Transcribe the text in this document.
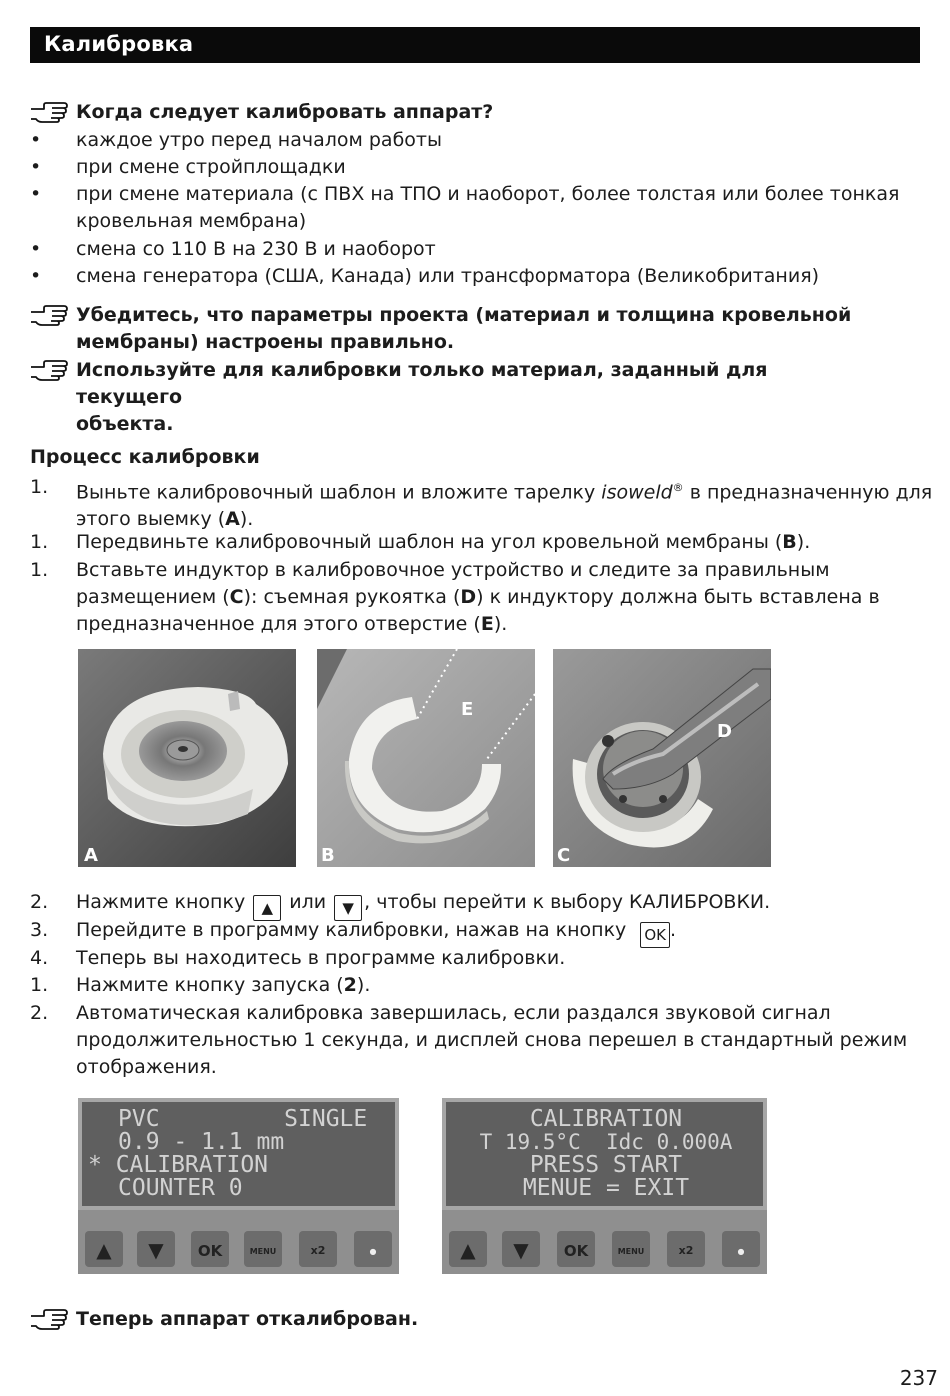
Калибровка
Когда следует калибровать аппарат?
• каждое утро перед началом работы
• при смене стройплощадки
• при смене материала (с ПВХ на ТПО и наоборот, более толстая или более тонкая
кровельная мембрана)
• смена со 110 В на 230 В и наоборот
• смена генератора (США, Канада) или трансформатора (Великобритания)
Убедитесь, что параметры проекта (материал и толщина кровельной
мембраны) настроены правильно.
Используйте для калибровки только материал, заданный для текущего
объекта.
Процесс калибровки
1. Выньте калибровочный шаблон и вложите тарелку isoweld® в предназначенную для
этого выемку (A).
1. Передвиньте калибровочный шаблон на угол кровельной мембраны (B).
1. Вставьте индуктор в калибровочное устройство и следите за правильным
размещением (C): съемная рукоятка (D) к индуктору должна быть вставлена в
предназначенное для этого отверстие (E).
A
E
B
D
C
2. Нажмите кнопку ▲ или ▼ , чтобы перейти к выбору КАЛИБРОВКИ.
3. Перейдите в программу калибровки, нажав на кнопку OK .
4. Теперь вы находитесь в программе калибровки.
1. Нажмите кнопку запуска (2).
2. Автоматическая калибровка завершилась, если раздался звуковой сигнал
продолжительностью 1 секунда, и дисплей снова перешел в стандартный режим
отображения.
PVC         SINGLE
0.9 - 1.1 mm
* CALIBRATION
COUNTER 0
▲ ▼ OK	MENU	x2	●
CALIBRATION
T 19.5°C  Idc 0.000A
PRESS START
MENUE = EXIT
▲ ▼ OK	MENU	x2	●
Теперь аппарат откалиброван.
237
